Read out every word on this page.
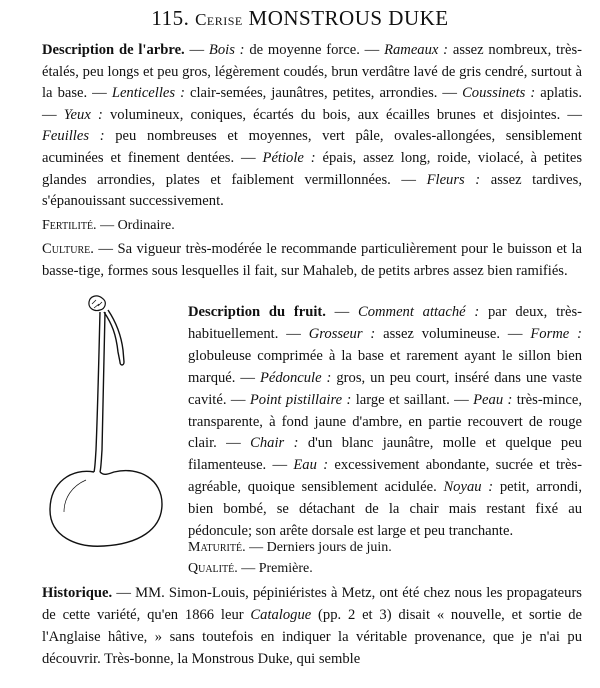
115. Cerise MONSTROUS DUKE
Description de l'arbre. — Bois : de moyenne force. — Rameaux : assez nombreux, très-étalés, peu longs et peu gros, légèrement coudés, brun verdâtre lavé de gris cendré, surtout à la base. — Lenticelles : clair-semées, jaunâtres, petites, arrondies. — Coussinets : aplatis. — Yeux : volumineux, coniques, écartés du bois, aux écailles brunes et disjointes. — Feuilles : peu nombreuses et moyennes, vert pâle, ovales-allongées, sensiblement acuminées et finement dentées. — Pétiole : épais, assez long, roide, violacé, à petites glandes arrondies, plates et faiblement vermillonnées. — Fleurs : assez tardives, s'épanouissant successivement.
Fertilité. — Ordinaire.
Culture. — Sa vigueur très-modérée le recommande particulièrement pour le buisson et la basse-tige, formes sous lesquelles il fait, sur Mahaleb, de petits arbres assez bien ramifiés.
Description du fruit. — Comment attaché : par deux, très-habituellement. — Grosseur : assez volumineuse. — Forme : globuleuse comprimée à la base et rarement ayant le sillon bien marqué. — Pédoncule : gros, un peu court, inséré dans une vaste cavité. — Point pistillaire : large et saillant. — Peau : très-mince, transparente, à fond jaune d'ambre, en partie recouvert de rouge clair. — Chair : d'un blanc jaunâtre, molle et quelque peu filamenteuse. — Eau : excessivement abondante, sucrée et très-agréable, quoique sensiblement acidulée. Noyau : petit, arrondi, bien bombé, se détachant de la chair mais restant fixé au pédoncule; son arête dorsale est large et peu tranchante.
Maturité. — Derniers jours de juin.
Qualité. — Première.
Historique. — MM. Simon-Louis, pépiniéristes à Metz, ont été chez nous les propagateurs de cette variété, qu'en 1866 leur Catalogue (pp. 2 et 3) disait « nouvelle, et sortie de l'Anglaise hâtive, » sans toutefois en indiquer la véritable provenance, que je n'ai pu découvrir. Très-bonne, la Monstrous Duke, qui semble
